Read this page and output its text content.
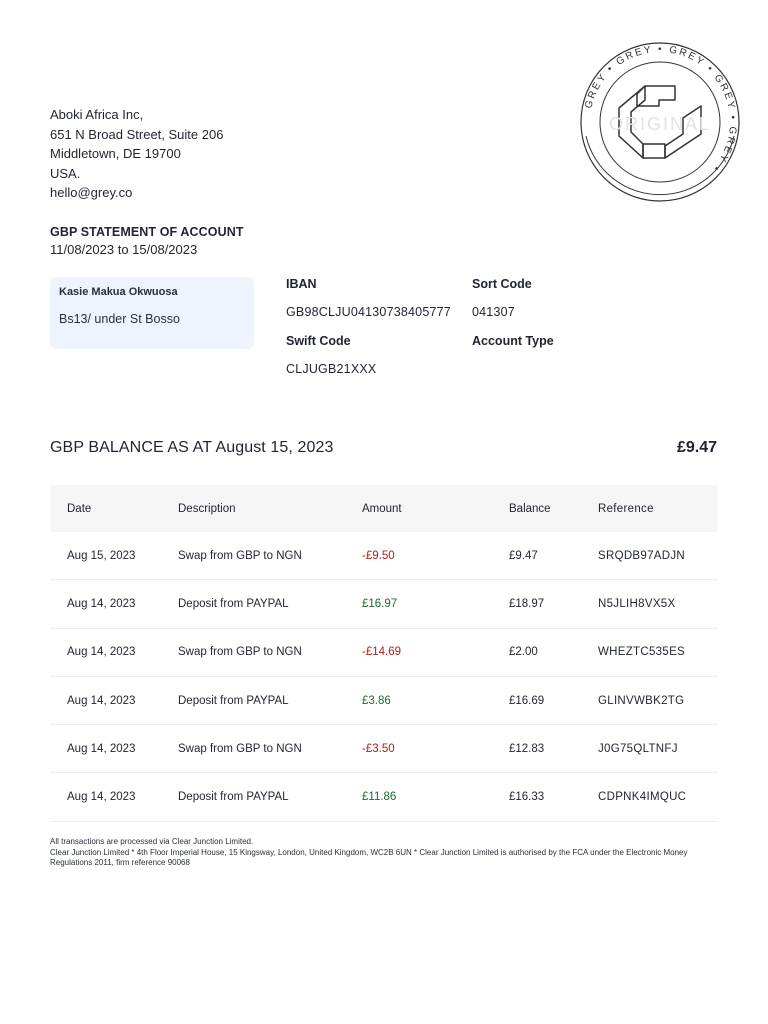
Aboki Africa Inc,
651 N Broad Street, Suite 206
Middletown, DE 19700
USA.
hello@grey.co
GREY • GREY • GREY • GREY • GREY •
ORIGINAL
GBP STATEMENT OF ACCOUNT
11/08/2023 to 15/08/2023
Kasie Makua Okwuosa
Bs13/ under St Bosso
IBAN
GB98CLJU04130738405777
Sort Code
041307
Swift Code
CLJUGB21XXX
Account Type
GBP BALANCE AS AT August 15, 2023	£9.47
Date	Description	Amount	Balance	Reference
Aug 15, 2023	Swap from GBP to NGN	-£9.50	£9.47	SRQDB97ADJN
Aug 14, 2023	Deposit from PAYPAL	£16.97	£18.97	N5JLIH8VX5X
Aug 14, 2023	Swap from GBP to NGN	-£14.69	£2.00	WHEZTC535ES
Aug 14, 2023	Deposit from PAYPAL	£3.86	£16.69	GLINVWBK2TG
Aug 14, 2023	Swap from GBP to NGN	-£3.50	£12.83	J0G75QLTNFJ
Aug 14, 2023	Deposit from PAYPAL	£11.86	£16.33	CDPNK4IMQUC
All transactions are processed via Clear Junction Limited.
Clear Junction Limited * 4th Floor Imperial House, 15 Kingsway, London, United Kingdom, WC2B 6UN * Clear Junction Limited is authorised by the FCA under the Electronic Money Regulations 2011, firm reference 90068
